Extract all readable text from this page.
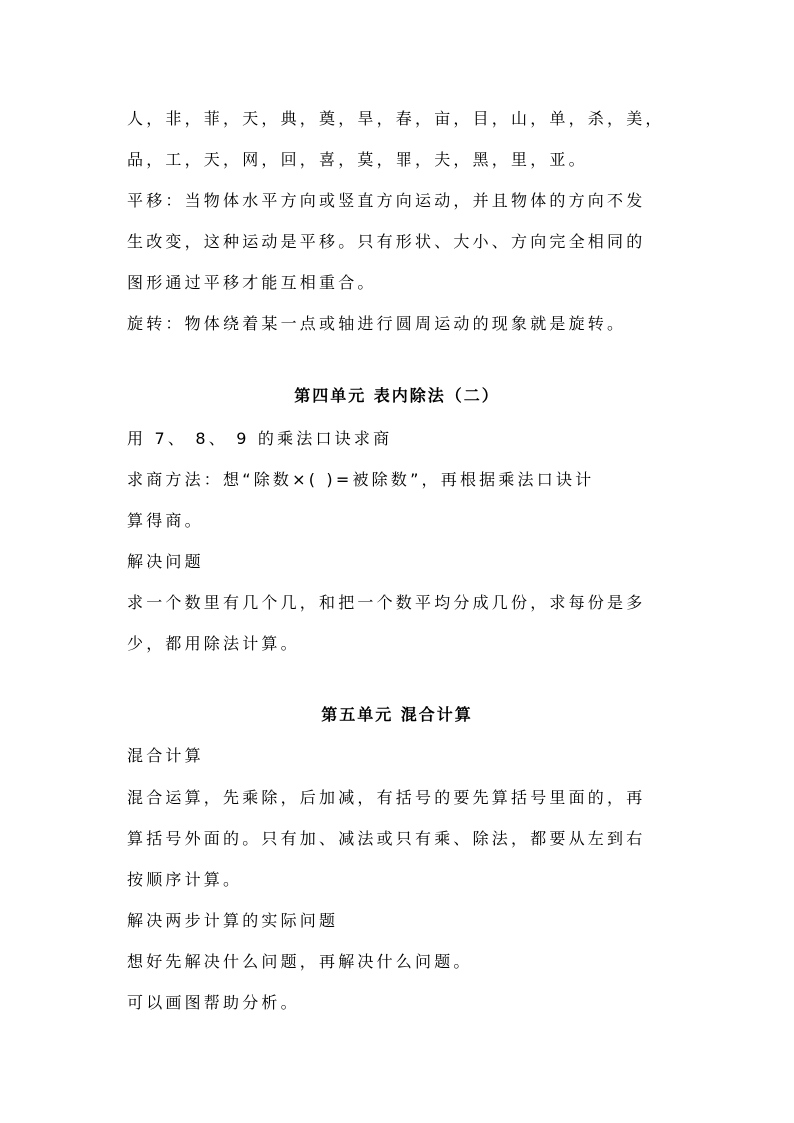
人，非，菲，天，典，奠，旱，春，亩，目，山，单，杀，美，
品，工，天，网，回，喜，莫，罪，夫，黑，里，亚。
平移：当物体水平方向或竖直方向运动，并且物体的方向不发
生改变，这种运动是平移。只有形状、大小、方向完全相同的
图形通过平移才能互相重合。
旋转：物体绕着某一点或轴进行圆周运动的现象就是旋转。
第四单元 表内除法（二）
用 7、 8、 9 的乘法口诀求商
求商方法：想“除数×( )=被除数”，再根据乘法口诀计
算得商。
解决问题
求一个数里有几个几，和把一个数平均分成几份，求每份是多
少，都用除法计算。
第五单元 混合计算
混合计算
混合运算，先乘除，后加减，有括号的要先算括号里面的，再
算括号外面的。只有加、减法或只有乘、除法，都要从左到右
按顺序计算。
解决两步计算的实际问题
想好先解决什么问题，再解决什么问题。
可以画图帮助分析。
